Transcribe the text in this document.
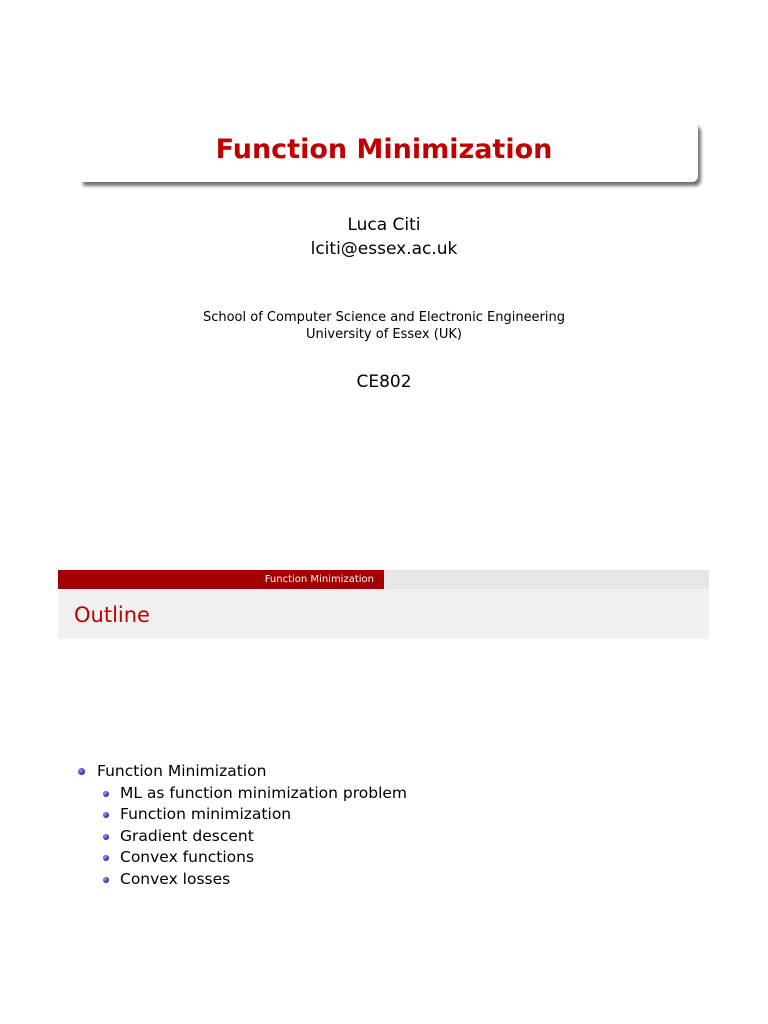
Function Minimization
Luca Citi
lciti@essex.ac.uk
School of Computer Science and Electronic Engineering
University of Essex (UK)
CE802
Function Minimization
Outline
Function Minimization
ML as function minimization problem
Function minimization
Gradient descent
Convex functions
Convex losses
